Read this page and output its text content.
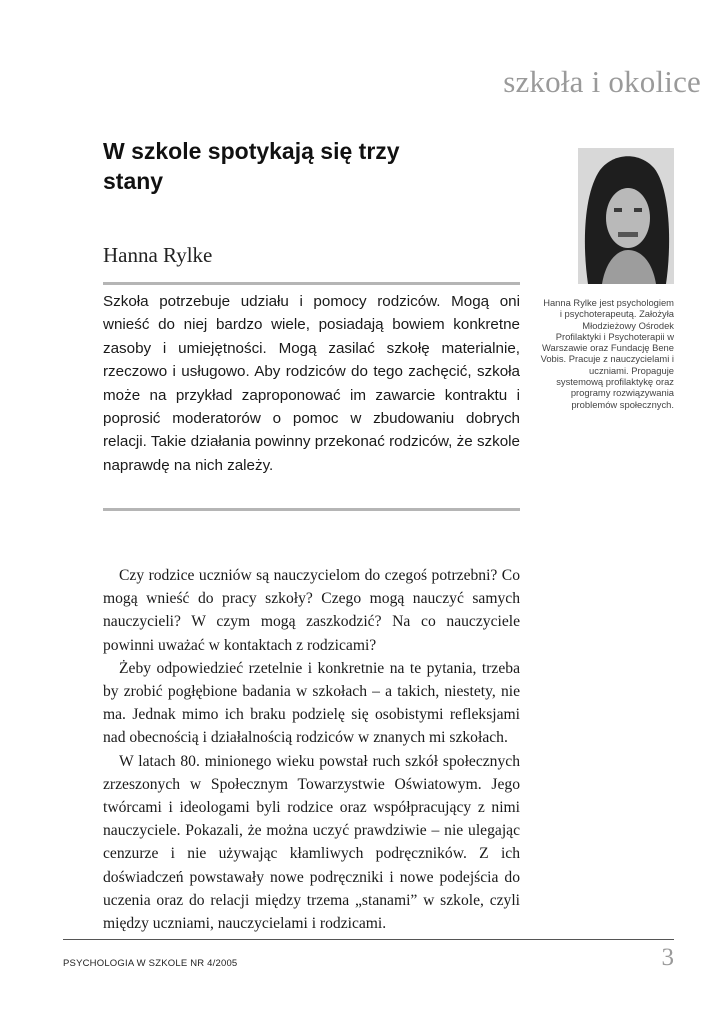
szkoła i okolice
W szkole spotykają się trzy stany
Hanna Rylke
Szkoła potrzebuje udziału i pomocy rodziców. Mogą oni wnieść do niej bardzo wiele, posiadają bowiem konkretne zasoby i umiejętności. Mogą zasilać szkołę materialnie, rzeczowo i usługowo. Aby rodziców do tego zachęcić, szkoła może na przykład zaproponować im zawarcie kontraktu i poprosić moderatorów o pomoc w zbudowaniu dobrych relacji. Takie działania powinny przekonać rodziców, że szkole naprawdę na nich zależy.
Hanna Rylke jest psychologiem i psychoterapeutą. Założyła Młodzieżowy Ośrodek Profilaktyki i Psychoterapii w Warszawie oraz Fundację Bene Vobis. Pracuje z nauczycielami i uczniami. Propaguje systemową profilaktykę oraz programy rozwiązywania problemów społecznych.

Czy rodzice uczniów są nauczycielom do czegoś potrzebni? Co mogą wnieść do pracy szkoły? Czego mogą nauczyć samych nauczycieli? W czym mogą zaszkodzić? Na co nauczyciele powinni uważać w kontaktach z rodzicami?

Żeby odpowiedzieć rzetelnie i konkretnie na te pytania, trzeba by zrobić pogłębione badania w szkołach – a takich, niestety, nie ma. Jednak mimo ich braku podzielę się osobistymi refleksjami nad obecnością i działalnością rodziców w znanych mi szkołach.

W latach 80. minionego wieku powstał ruch szkół społecznych zrzeszonych w Społecznym Towarzystwie Oświatowym. Jego twórcami i ideologami byli rodzice oraz współpracujący z nimi nauczyciele. Pokazali, że można uczyć prawdziwie – nie ulegając cenzurze i nie używając kłamliwych podręczników. Z ich doświadczeń powstawały nowe podręczniki i nowe podejścia do uczenia oraz do relacji między trzema „stanami” w szkole, czyli między uczniami, nauczycielami i rodzicami.

PSYCHOLOGIA W SZKOLE NR 4/2005	3
